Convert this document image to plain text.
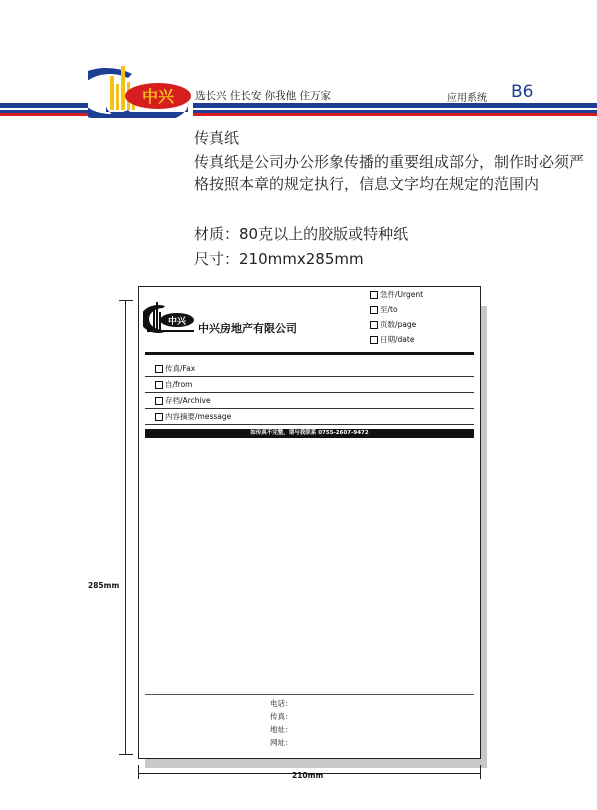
中兴 选长兴 住长安 你我他 住万家	应用系统 B6
传真纸
传真纸是公司办公形象传播的重要组成部分，制作时必须严格按照本章的规定执行，信息文字均在规定的范围内
材质：80克以上的胶版或特种纸
尺寸：210mmx285mm
中兴 中兴房地产有限公司
急件/Urgent
至/to
页数/page
日期/date
传真/Fax
自/from
存档/Archive
内容摘要/message
如传真不完整，请与我联系 0755-2607-9472
电话：
传真：
地址：
网址：
285mm
210mm
